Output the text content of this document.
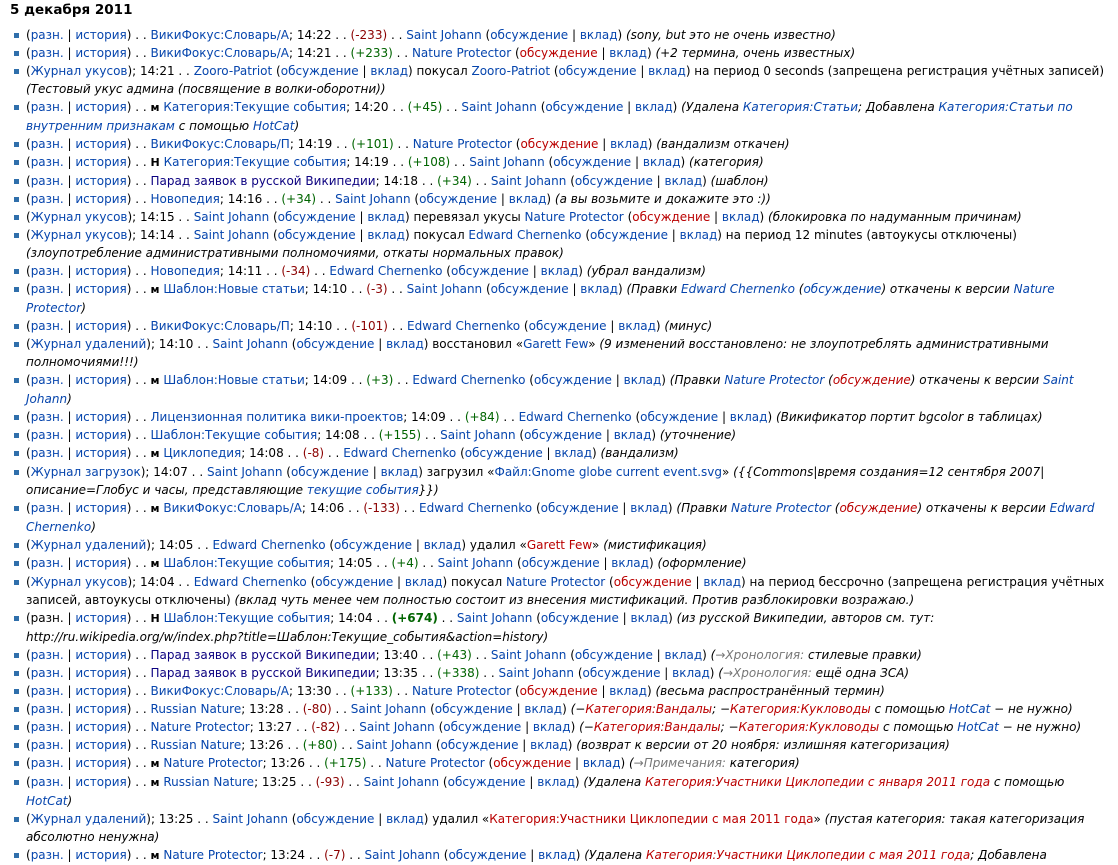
5 декабря 2011
(разн. | история) . . ВикиФокус:Словарь/А; 14:22 . . (-233) . . Saint Johann (обсуждение | вклад) (sony, but это не очень известно)
(разн. | история) . . ВикиФокус:Словарь/А; 14:21 . . (+233) . . Nature Protector (обсуждение | вклад) (+2 термина, очень известных)
(Журнал укусов); 14:21 . . Zooro-Patriot (обсуждение | вклад) покусал Zooro-Patriot (обсуждение | вклад) на период 0 seconds (запрещена регистрация учётных записей) (Тестовый укус админа (посвящение в волки-оборотни))
(разн. | история) . . м Категория:Текущие события; 14:20 . . (+45) . . Saint Johann (обсуждение | вклад) (Удалена Категория:Статьи; Добавлена Категория:Статьи по внутренним признакам с помощью HotCat)
(разн. | история) . . ВикиФокус:Словарь/П; 14:19 . . (+101) . . Nature Protector (обсуждение | вклад) (вандализм откачен)
(разн. | история) . . Н Категория:Текущие события; 14:19 . . (+108) . . Saint Johann (обсуждение | вклад) (категория)
(разн. | история) . . Парад заявок в русской Википедии; 14:18 . . (+34) . . Saint Johann (обсуждение | вклад) (шаблон)
(разн. | история) . . Новопедия; 14:16 . . (+34) . . Saint Johann (обсуждение | вклад) (а вы возьмите и докажите это :))
(Журнал укусов); 14:15 . . Saint Johann (обсуждение | вклад) перевязал укусы Nature Protector (обсуждение | вклад) (блокировка по надуманным причинам)
(Журнал укусов); 14:14 . . Saint Johann (обсуждение | вклад) покусал Edward Chernenko (обсуждение | вклад) на период 12 minutes (автоукусы отключены) (злоупотребление административными полномочиями, откаты нормальных правок)
(разн. | история) . . Новопедия; 14:11 . . (-34) . . Edward Chernenko (обсуждение | вклад) (убрал вандализм)
(разн. | история) . . м Шаблон:Новые статьи; 14:10 . . (-3) . . Saint Johann (обсуждение | вклад) (Правки Edward Chernenko (обсуждение) откачены к версии Nature Protector)
(разн. | история) . . ВикиФокус:Словарь/П; 14:10 . . (-101) . . Edward Chernenko (обсуждение | вклад) (минус)
(Журнал удалений); 14:10 . . Saint Johann (обсуждение | вклад) восстановил «Garett Few» (9 изменений восстановлено: не злоупотреблять административными полномочиями!!!)
(разн. | история) . . м Шаблон:Новые статьи; 14:09 . . (+3) . . Edward Chernenko (обсуждение | вклад) (Правки Nature Protector (обсуждение) откачены к версии Saint Johann)
(разн. | история) . . Лицензионная политика вики-проектов; 14:09 . . (+84) . . Edward Chernenko (обсуждение | вклад) (Викификатор портит bgcolor в таблицах)
(разн. | история) . . Шаблон:Текущие события; 14:08 . . (+155) . . Saint Johann (обсуждение | вклад) (уточнение)
(разн. | история) . . м Циклопедия; 14:08 . . (-8) . . Edward Chernenko (обсуждение | вклад) (вандализм)
(Журнал загрузок); 14:07 . . Saint Johann (обсуждение | вклад) загрузил «Файл:Gnome globe current event.svg» ({{Commons|время создания=12 сентября 2007|описание=Глобус и часы, представляющие текущие события}})
(разн. | история) . . м ВикиФокус:Словарь/А; 14:06 . . (-133) . . Edward Chernenko (обсуждение | вклад) (Правки Nature Protector (обсуждение) откачены к версии Edward Chernenko)
(Журнал удалений); 14:05 . . Edward Chernenko (обсуждение | вклад) удалил «Garett Few» (мистификация)
(разн. | история) . . м Шаблон:Текущие события; 14:05 . . (+4) . . Saint Johann (обсуждение | вклад) (оформление)
(Журнал укусов); 14:04 . . Edward Chernenko (обсуждение | вклад) покусал Nature Protector (обсуждение | вклад) на период бессрочно (запрещена регистрация учётных записей, автоукусы отключены) (вклад чуть менее чем полностью состоит из внесения мистификаций. Против разблокировки возражаю.)
(разн. | история) . . Н Шаблон:Текущие события; 14:04 . . (+674) . . Saint Johann (обсуждение | вклад) (из русской Википедии, авторов см. тут: http://ru.wikipedia.org/w/index.php?title=Шаблон:Текущие_события&action=history)
(разн. | история) . . Парад заявок в русской Википедии; 13:40 . . (+43) . . Saint Johann (обсуждение | вклад) (→Хронология: стилевые правки)
(разн. | история) . . Парад заявок в русской Википедии; 13:35 . . (+338) . . Saint Johann (обсуждение | вклад) (→Хронология: ещё одна ЗСА)
(разн. | история) . . ВикиФокус:Словарь/А; 13:30 . . (+133) . . Nature Protector (обсуждение | вклад) (весьма распространённый термин)
(разн. | история) . . Russian Nature; 13:28 . . (-80) . . Saint Johann (обсуждение | вклад) (−Категория:Вандалы; −Категория:Кукловоды с помощью HotCat − не нужно)
(разн. | история) . . Nature Protector; 13:27 . . (-82) . . Saint Johann (обсуждение | вклад) (−Категория:Вандалы; −Категория:Кукловоды с помощью HotCat − не нужно)
(разн. | история) . . Russian Nature; 13:26 . . (+80) . . Saint Johann (обсуждение | вклад) (возврат к версии от 20 ноября: излишняя категоризация)
(разн. | история) . . м Nature Protector; 13:26 . . (+175) . . Nature Protector (обсуждение | вклад) (→Примечания: категория)
(разн. | история) . . м Russian Nature; 13:25 . . (-93) . . Saint Johann (обсуждение | вклад) (Удалена Категория:Участники Циклопедии с января 2011 года с помощью HotCat)
(Журнал удалений); 13:25 . . Saint Johann (обсуждение | вклад) удалил «Категория:Участники Циклопедии с мая 2011 года» (пустая категория: такая категоризация абсолютно ненужна)
(разн. | история) . . м Nature Protector; 13:24 . . (-7) . . Saint Johann (обсуждение | вклад) (Удалена Категория:Участники Циклопедии с мая 2011 года; Добавлена
